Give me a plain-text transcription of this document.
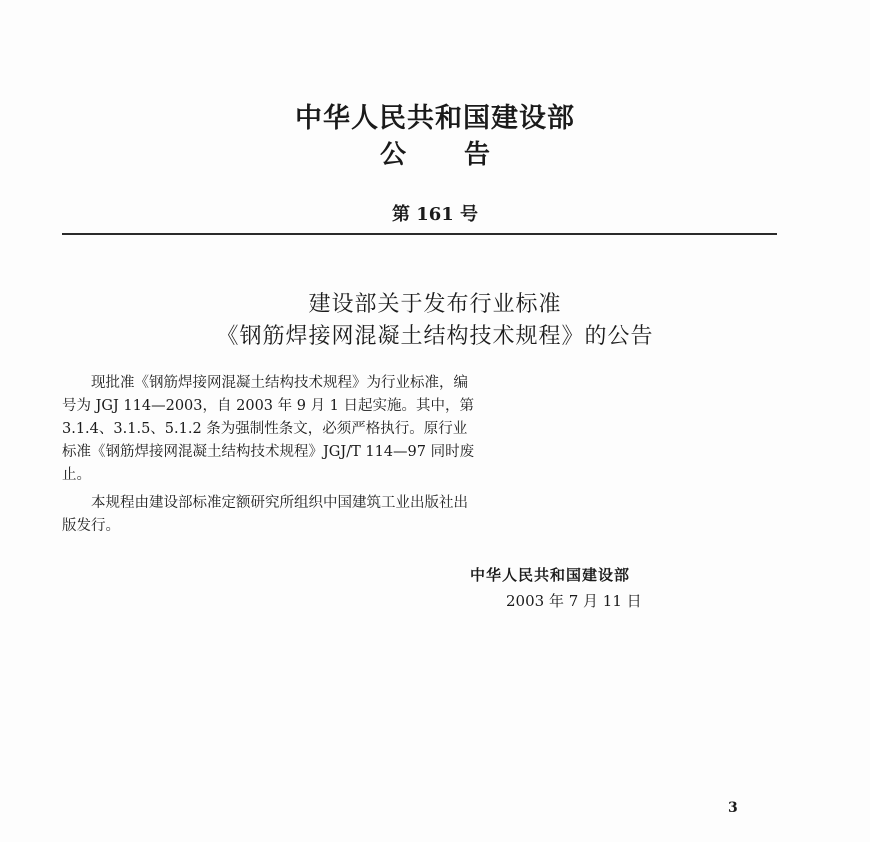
中华人民共和国建设部
公告
第 161 号
建设部关于发布行业标准
《钢筋焊接网混凝土结构技术规程》的公告
　　现批准《钢筋焊接网混凝土结构技术规程》为行业标准，编
号为 JGJ 114—2003，自 2003 年 9 月 1 日起实施。其中，第
3.1.4、3.1.5、5.1.2 条为强制性条文，必须严格执行。原行业
标准《钢筋焊接网混凝土结构技术规程》JGJ/T 114—97 同时废
止。
　　本规程由建设部标准定额研究所组织中国建筑工业出版社出
版发行。
中华人民共和国建设部
2003 年 7 月 11 日
3
